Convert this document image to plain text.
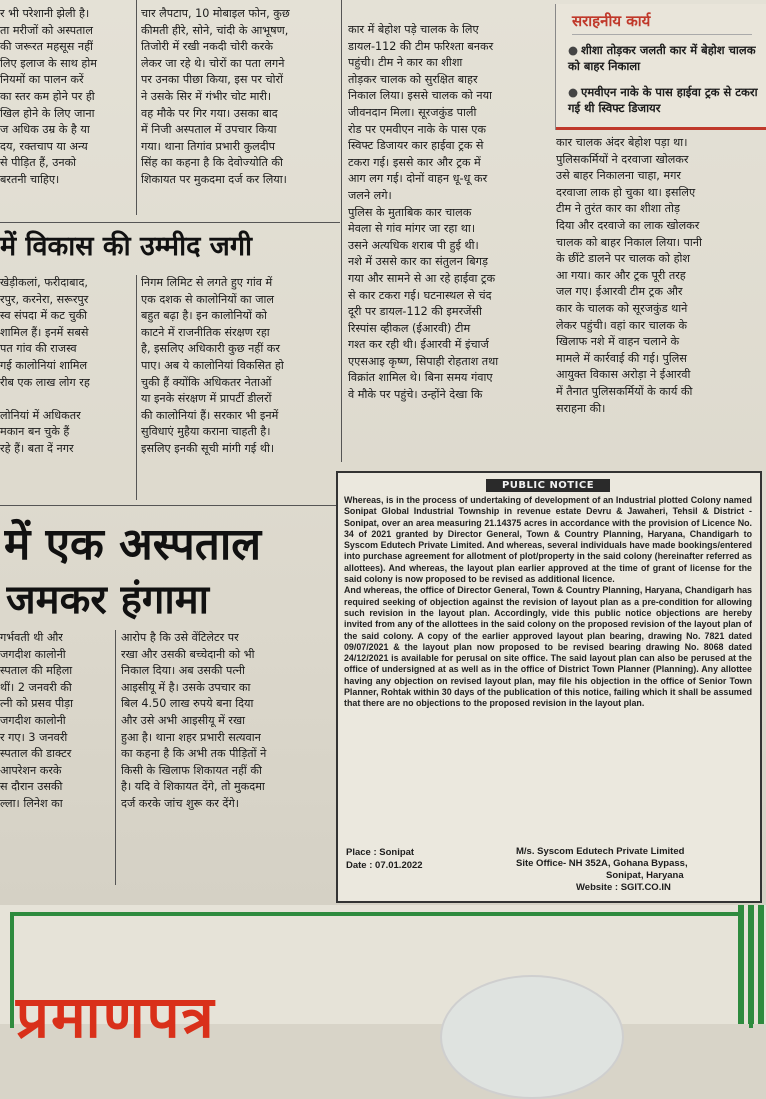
र भी परेशानी झेली है।

ता मरीजों को अस्पताल

की जरूरत महसूस नहीं

लिए इलाज के साथ होम

नियमों का पालन करें

का स्तर कम होने पर ही

खिल होने के लिए जाना

ज अधिक उम्र के है या

दय, रक्तचाप या अन्य

से पीड़ित हैं, उनको

बरतनी चाहिए।

चार लैपटाप, 10 मोबाइल फोन, कुछ

कीमती हीरे, सोने, चांदी के आभूषण,

तिजोरी में रखी नकदी चोरी करके

लेकर जा रहे थे। चोरों का पता लगने

पर उनका पीछा किया, इस पर चोरों

ने उसके सिर में गंभीर चोट मारी।

वह मौके पर गिर गया। उसका बाद

में निजी अस्पताल में उपचार किया

गया। थाना तिगांव प्रभारी कुलदीप

सिंह का कहना है कि देवोज्योति की

शिकायत पर मुकदमा दर्ज कर लिया।

कार में बेहोश पड़े चालक के लिए

डायल-112 की टीम फरिश्ता बनकर

पहुंची। टीम ने कार का शीशा

तोड़कर चालक को सुरक्षित बाहर

निकाल लिया। इससे चालक को नया

जीवनदान मिला। सूरजकुंड पाली

रोड पर एमवीएन नाके के पास एक

स्विफ्ट डिजायर कार हाईवा ट्रक से

टकरा गई। इससे कार और ट्रक में

आग लग गई। दोनों वाहन धू-धू कर

जलने लगे।

पुलिस के मुताबिक कार चालक

मेवला से गांव मांगर जा रहा था।

उसने अत्यधिक शराब पी हुई थी।

नशे में उससे कार का संतुलन बिगड़

गया और सामने से आ रहे हाईवा ट्रक

से कार टकरा गई। घटनास्थल से चंद

दूरी पर डायल-112 की इमरजेंसी

रिस्पांस व्हीकल (ईआरवी) टीम

गश्त कर रही थी। ईआरवी में इंचार्ज

एएसआइ कृष्ण, सिपाही रोहताश तथा

विक्रांत शामिल थे। बिना समय गंवाए

वे मौके पर पहुंचे। उन्होंने देखा कि

सराहनीय कार्य
● शीशा तोड़कर जलती कार में बेहोश चालक को बाहर निकाला
● एमवीएन नाके के पास हाईवा ट्रक से टकरा गई थी स्विफ्ट डिजायर

कार चालक अंदर बेहोश पड़ा था।

पुलिसकर्मियों ने दरवाजा खोलकर

उसे बाहर निकालना चाहा, मगर

दरवाजा लाक हो चुका था। इसलिए

टीम ने तुरंत कार का शीशा तोड़

दिया और दरवाजे का लाक खोलकर

चालक को बाहर निकाल लिया। पानी

के छींटे डालने पर चालक को होश

आ गया। कार और ट्रक पूरी तरह

जल गए। ईआरवी टीम ट्रक और

कार के चालक को सूरजकुंड थाने

लेकर पहुंची। वहां कार चालक के

खिलाफ नशे में वाहन चलाने के

मामले में कार्रवाई की गई। पुलिस

आयुक्त विकास अरोड़ा ने ईआरवी

में तैनात पुलिसकर्मियों के कार्य की

सराहना की।

में विकास की उम्मीद जगी

खेड़ीकलां, फरीदाबाद,

रपुर, करनेरा, सरूरपुर

स्व संपदा में कट चुकी

शामिल हैं। इनमें सबसे

पत गांव की राजस्व

गई कालोनियां शामिल

रीब एक लाख लोग रह

लोनियां में अधिकतर

मकान बन चुके हैं

रहे हैं। बता दें नगर

निगम लिमिट से लगते हुए गांव में

एक दशक से कालोनियों का जाल

बहुत बढ़ा है। इन कालोनियों को

काटने में राजनीतिक संरक्षण रहा

है, इसलिए अधिकारी कुछ नहीं कर

पाए। अब ये कालोनियां विकसित हो

चुकी हैं क्योंकि अधिकतर नेताओं

या इनके संरक्षण में प्रापर्टी डीलरों

की कालोनियां हैं। सरकार भी इनमें

सुविधाएं मुहैया कराना चाहती है।

इसलिए इनकी सूची मांगी गई थी।

में एक अस्पताल
जमकर हंगामा

गर्भवती थी और

जगदीश कालोनी

स्पताल की महिला

थीं। 2 जनवरी की

त्नी को प्रसव पीड़ा

जगदीश कालोनी

र गए। 3 जनवरी

स्पताल की डाक्टर

आपरेशन करके

स दौरान उसकी

ल्ला। लिनेश का

आरोप है कि उसे वेंटिलेटर पर

रखा और उसकी बच्चेदानी को भी

निकाल दिया। अब उसकी पत्नी

आइसीयू में है। उसके उपचार का

बिल 4.50 लाख रुपये बना दिया

और उसे अभी आइसीयू में रखा

हुआ है। थाना शहर प्रभारी सत्यवान

का कहना है कि अभी तक पीड़ितों ने

किसी के खिलाफ शिकायत नहीं की

है। यदि वे शिकायत देंगे, तो मुकदमा

दर्ज करके जांच शुरू कर देंगे।

PUBLIC NOTICE

Whereas, is in the process of undertaking of development of an Industrial plotted Colony named Sonipat Global Industrial Township in revenue estate Devru & Jawaheri, Tehsil & District - Sonipat, over an area measuring 21.14375 acres in accordance with the provision of Licence No. 34 of 2021 granted by Director General, Town & Country Planning, Haryana, Chandigarh to Syscom Edutech Private Limited. And whereas, several individuals have made bookings/entered into purchase agreement for allotment of plot/property in the said colony (hereinafter referred as allottees). And whereas, the layout plan earlier approved at the time of grant of license for the said colony is now proposed to be revised as additional licence.

And whereas, the office of Director General, Town & Country Planning, Haryana, Chandigarh has required seeking of objection against the revision of layout plan as a pre-condition for allowing such revision in the layout plan. Accordingly, vide this public notice objections are hereby invited from any of the allottees in the said colony on the proposed revision of the layout plan of the said colony. A copy of the earlier approved layout plan bearing, drawing No. 7821 dated 09/07/2021 & the layout plan now proposed to be revised bearing drawing No. 8068 dated 24/12/2021 is available for perusal on site office. The said layout plan can also be perused at the office of undersigned at as well as in the office of District Town Planner (Planning). Any allottee having any objection on revised layout plan, may file his objection in the office of Senior Town Planner, Rohtak within 30 days of the publication of this notice, failing which it shall be assumed that there are no objections to the proposed revision in the layout plan.

Place : Sonipat
Date : 07.01.2022
M/s. Syscom Edutech Private Limited
Site Office- NH 352A, Gohana Bypass,
Sonipat, Haryana
Website : SGIT.CO.IN
प्रमाणपत्र
